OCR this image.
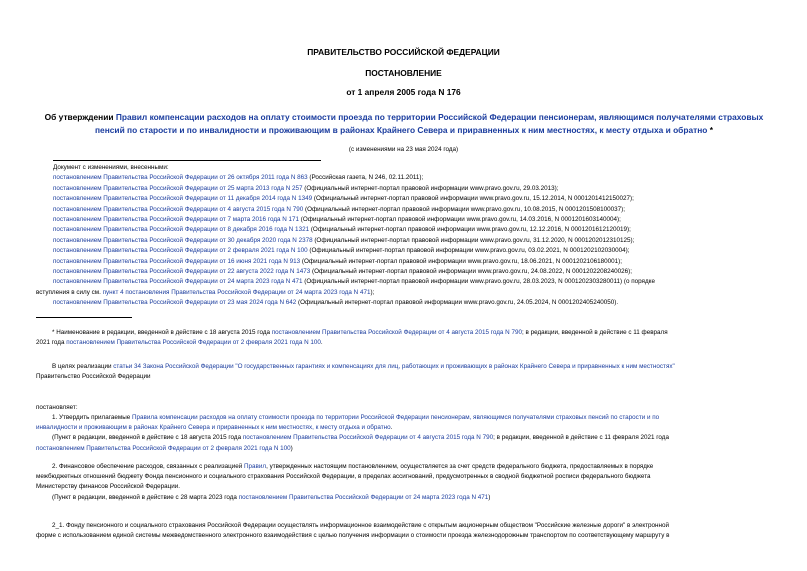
ПРАВИТЕЛЬСТВО РОССИЙСКОЙ ФЕДЕРАЦИИ
ПОСТАНОВЛЕНИЕ
от 1 апреля 2005 года N 176
Об утверждении Правил компенсации расходов на оплату стоимости проезда по территории Российской Федерации пенсионерам, являющимся получателями страховых пенсий по старости и по инвалидности и проживающим в районах Крайнего Севера и приравненных к ним местностях, к месту отдыха и обратно *
(с изменениями на 23 мая 2024 года)
Документ с изменениями, внесенными:
постановлением Правительства Российской Федерации от 26 октября 2011 года N 863 (Российская газета, N 246, 02.11.2011);
постановлением Правительства Российской Федерации от 25 марта 2013 года N 257 (Официальный интернет-портал правовой информации www.pravo.gov.ru, 29.03.2013);
постановлением Правительства Российской Федерации от 11 декабря 2014 года N 1349 (Официальный интернет-портал правовой информации www.pravo.gov.ru, 15.12.2014, N 0001201412150027);
постановлением Правительства Российской Федерации от 4 августа 2015 года N 790 (Официальный интернет-портал правовой информации www.pravo.gov.ru, 10.08.2015, N 0001201508100037);
постановлением Правительства Российской Федерации от 7 марта 2016 года N 171 (Официальный интернет-портал правовой информации www.pravo.gov.ru, 14.03.2016, N 0001201603140004);
постановлением Правительства Российской Федерации от 8 декабря 2016 года N 1321 (Официальный интернет-портал правовой информации www.pravo.gov.ru, 12.12.2016, N 0001201612120019);
постановлением Правительства Российской Федерации от 30 декабря 2020 года N 2378 (Официальный интернет-портал правовой информации www.pravo.gov.ru, 31.12.2020, N 0001202012310125);
постановлением Правительства Российской Федерации от 2 февраля 2021 года N 100 (Официальный интернет-портал правовой информации www.pravo.gov.ru, 03.02.2021, N 0001202102030004);
постановлением Правительства Российской Федерации от 16 июня 2021 года N 913 (Официальный интернет-портал правовой информации www.pravo.gov.ru, 18.06.2021, N 0001202106180001);
постановлением Правительства Российской Федерации от 22 августа 2022 года N 1473 (Официальный интернет-портал правовой информации www.pravo.gov.ru, 24.08.2022, N 0001202208240026);
постановлением Правительства Российской Федерации от 24 марта 2023 года N 471 (Официальный интернет-портал правовой информации www.pravo.gov.ru, 28.03.2023, N 0001202303280011) (о порядке
вступления в силу см. пункт 4 постановления Правительства Российской Федерации от 24 марта 2023 года N 471);
постановлением Правительства Российской Федерации от 23 мая 2024 года N 642 (Официальный интернет-портал правовой информации www.pravo.gov.ru, 24.05.2024, N 0001202405240050).
* Наименование в редакции, введенной в действие с 18 августа 2015 года постановлением Правительства Российской Федерации от 4 августа 2015 года N 790; в редакции, введенной в действие с 11 февраля
2021 года постановлением Правительства Российской Федерации от 2 февраля 2021 года N 100.
В целях реализации статьи 34 Закона Российской Федерации "О государственных гарантиях и компенсациях для лиц, работающих и проживающих в районах Крайнего Севера и приравненных к ним местностях"
Правительство Российской Федерации
постановляет:
1. Утвердить прилагаемые Правила компенсации расходов на оплату стоимости проезда по территории Российской Федерации пенсионерам, являющимся получателями страховых пенсий по старости и по
инвалидности и проживающим в районах Крайнего Севера и приравненных к ним местностях, к месту отдыха и обратно.
(Пункт в редакции, введенной в действие с 18 августа 2015 года постановлением Правительства Российской Федерации от 4 августа 2015 года N 790; в редакции, введенной в действие с 11 февраля 2021 года
постановлением Правительства Российской Федерации от 2 февраля 2021 года N 100)
2. Финансовое обеспечение расходов, связанных с реализацией Правил, утвержденных настоящим постановлением, осуществляется за счет средств федерального бюджета, предоставляемых в порядке
межбюджетных отношений бюджету Фонда пенсионного и социального страхования Российской Федерации, в пределах ассигнований, предусмотренных в сводной бюджетной росписи федерального бюджета
Министерству финансов Российской Федерации.
(Пункт в редакции, введенной в действие с 28 марта 2023 года постановлением Правительства Российской Федерации от 24 марта 2023 года N 471)
2_1. Фонду пенсионного и социального страхования Российской Федерации осуществлять информационное взаимодействие с открытым акционерным обществом "Российские железные дороги" в электронной
форме с использованием единой системы межведомственного электронного взаимодействия с целью получения информации о стоимости проезда железнодорожным транспортом по соответствующему маршруту в
